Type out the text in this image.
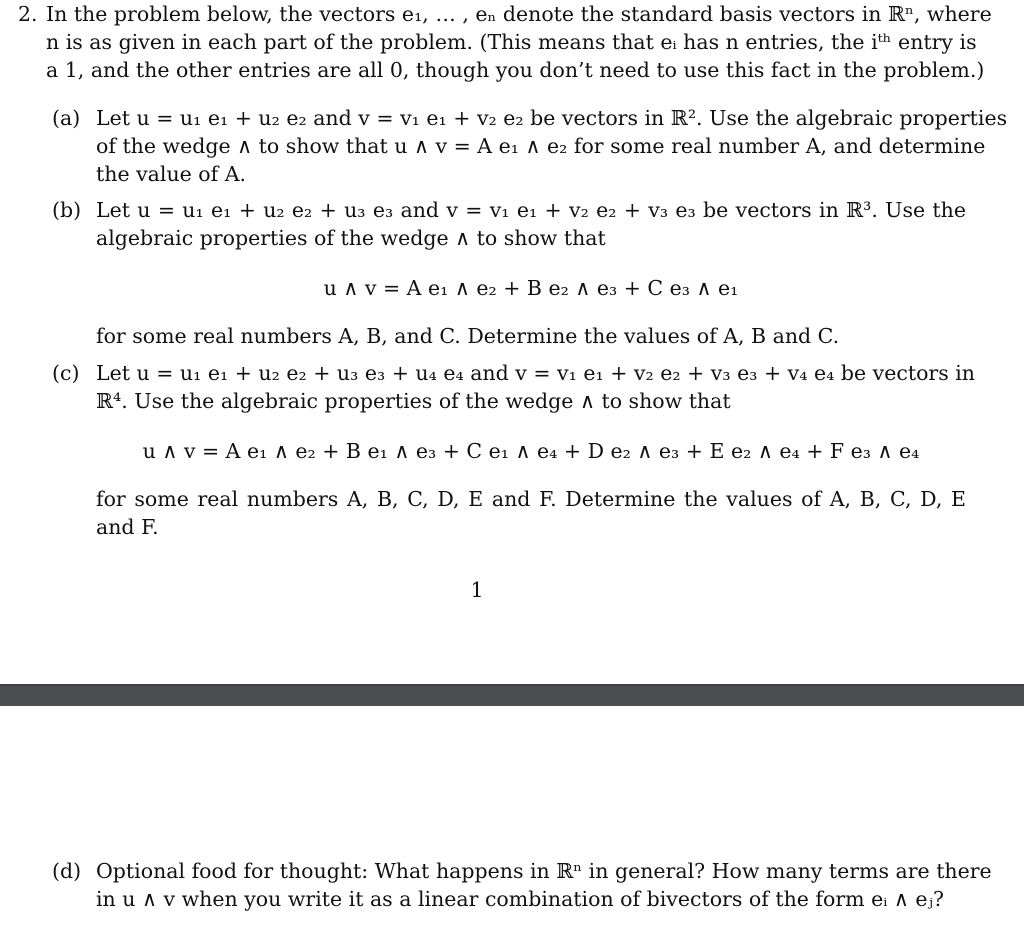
2. In the problem below, the vectors e₁, … , eₙ denote the standard basis vectors in ℝⁿ, where
n is as given in each part of the problem. (This means that eᵢ has n entries, the iᵗʰ entry is
a 1, and the other entries are all 0, though you don’t need to use this fact in the problem.)
(a) Let u = u₁ e₁ + u₂ e₂ and v = v₁ e₁ + v₂ e₂ be vectors in ℝ². Use the algebraic properties
of the wedge ∧ to show that u ∧ v = A e₁ ∧ e₂ for some real number A, and determine
the value of A.
(b) Let u = u₁ e₁ + u₂ e₂ + u₃ e₃ and v = v₁ e₁ + v₂ e₂ + v₃ e₃ be vectors in ℝ³. Use the
algebraic properties of the wedge ∧ to show that
u ∧ v = A e₁ ∧ e₂ + B e₂ ∧ e₃ + C e₃ ∧ e₁
for some real numbers A, B, and C. Determine the values of A, B and C.
(c) Let u = u₁ e₁ + u₂ e₂ + u₃ e₃ + u₄ e₄ and v = v₁ e₁ + v₂ e₂ + v₃ e₃ + v₄ e₄ be vectors in
ℝ⁴. Use the algebraic properties of the wedge ∧ to show that
u ∧ v = A e₁ ∧ e₂ + B e₁ ∧ e₃ + C e₁ ∧ e₄ + D e₂ ∧ e₃ + E e₂ ∧ e₄ + F e₃ ∧ e₄
for some real numbers A, B, C, D, E and F. Determine the values of A, B, C, D, E
and F.
1
(d) Optional food for thought: What happens in ℝⁿ in general? How many terms are there
in u ∧ v when you write it as a linear combination of bivectors of the form eᵢ ∧ eⱼ?
